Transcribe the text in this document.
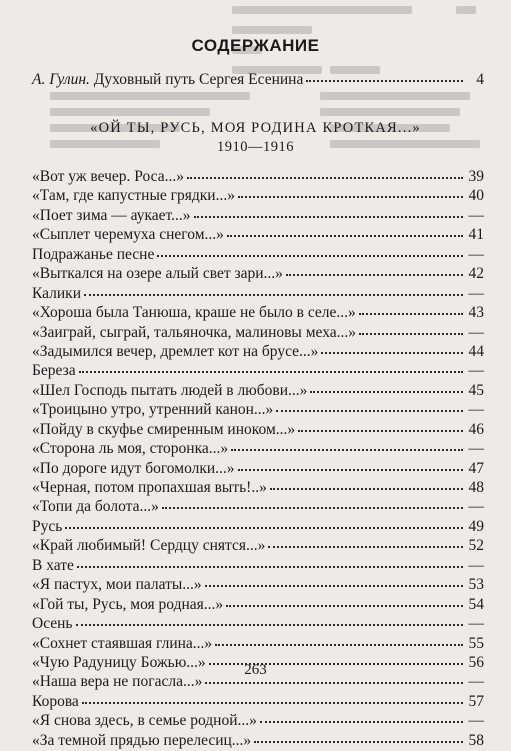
СОДЕРЖАНИЕ
А. Гулин. Духовный путь Сергея Есенина	4
«ОЙ ТЫ, РУСЬ, МОЯ РОДИНА КРОТКАЯ...»
1910—1916
«Вот уж вечер. Роса...»	39
«Там, где капустные грядки...»	40
«Поет зима — аукает...»	—
«Сыплет черемуха снегом...»	41
Подражанье песне	—
«Выткался на озере алый свет зари...»	42
Калики	—
«Хороша была Танюша, краше не было в селе...»	43
«Заиграй, сыграй, тальяночка, малиновы меха...»	—
«Задымился вечер, дремлет кот на брусе...»	44
Береза	—
«Шел Господь пытать людей в любови...»	45
«Троицыно утро, утренний канон...»	—
«Пойду в скуфье смиренным иноком...»	46
«Сторона ль моя, сторонка...»	—
«По дороге идут богомолки...»	47
«Черная, потом пропахшая выть!..»	48
«Топи да болота...»	—
Русь	49
«Край любимый! Сердцу снятся...»	52
В хате	—
«Я пастух, мои палаты...»	53
«Гой ты, Русь, моя родная...»	54
Осень	—
«Сохнет стаявшая глина...»	55
«Чую Радуницу Божью...»	56
«Наша вера не погасла...»	—
Корова	57
«Я снова здесь, в семье родной...»	—
«За темной прядью перелесиц...»	58
263
